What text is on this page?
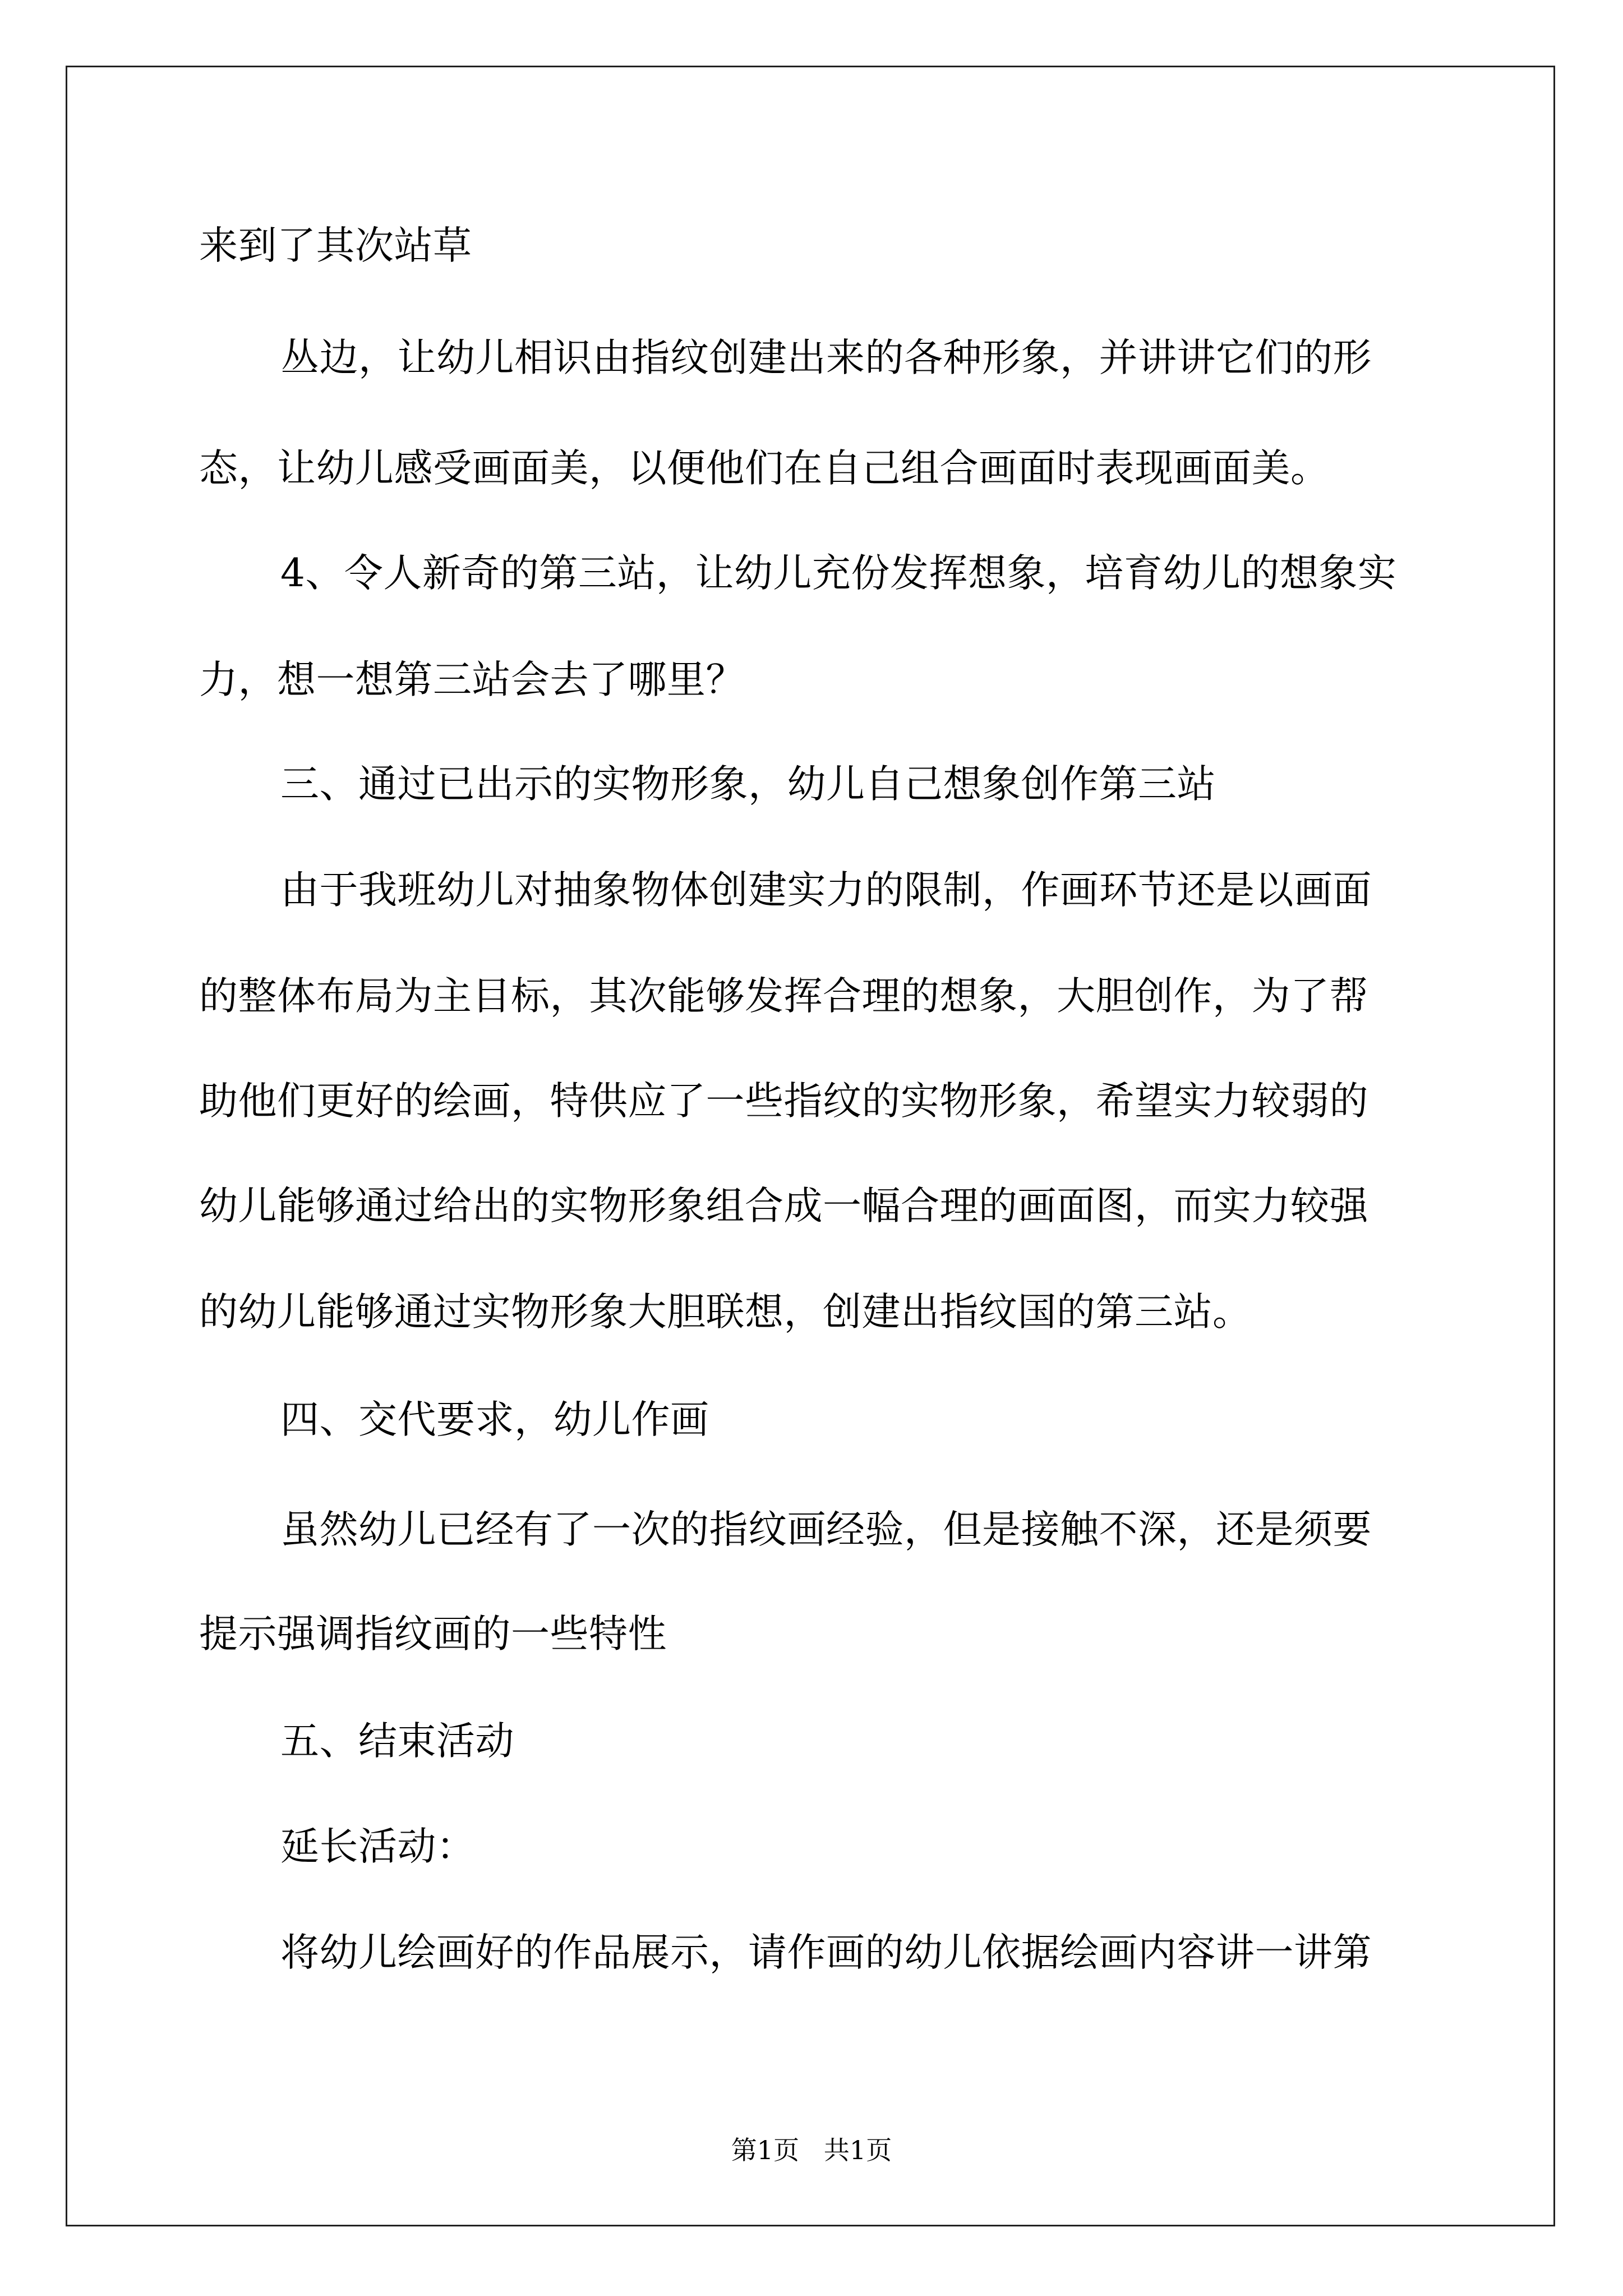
来到了其次站草
丛边，让幼儿相识由指纹创建出来的各种形象，并讲讲它们的形
态，让幼儿感受画面美，以便他们在自己组合画面时表现画面美。
4、令人新奇的第三站，让幼儿充份发挥想象，培育幼儿的想象实
力，想一想第三站会去了哪里？
三、通过已出示的实物形象，幼儿自己想象创作第三站
由于我班幼儿对抽象物体创建实力的限制，作画环节还是以画面
的整体布局为主目标，其次能够发挥合理的想象，大胆创作，为了帮
助他们更好的绘画，特供应了一些指纹的实物形象，希望实力较弱的
幼儿能够通过给出的实物形象组合成一幅合理的画面图，而实力较强
的幼儿能够通过实物形象大胆联想，创建出指纹国的第三站。
四、交代要求，幼儿作画
虽然幼儿已经有了一次的指纹画经验，但是接触不深，还是须要
提示强调指纹画的一些特性
五、结束活动
延长活动：
将幼儿绘画好的作品展示，请作画的幼儿依据绘画内容讲一讲第
第1页   共1页
